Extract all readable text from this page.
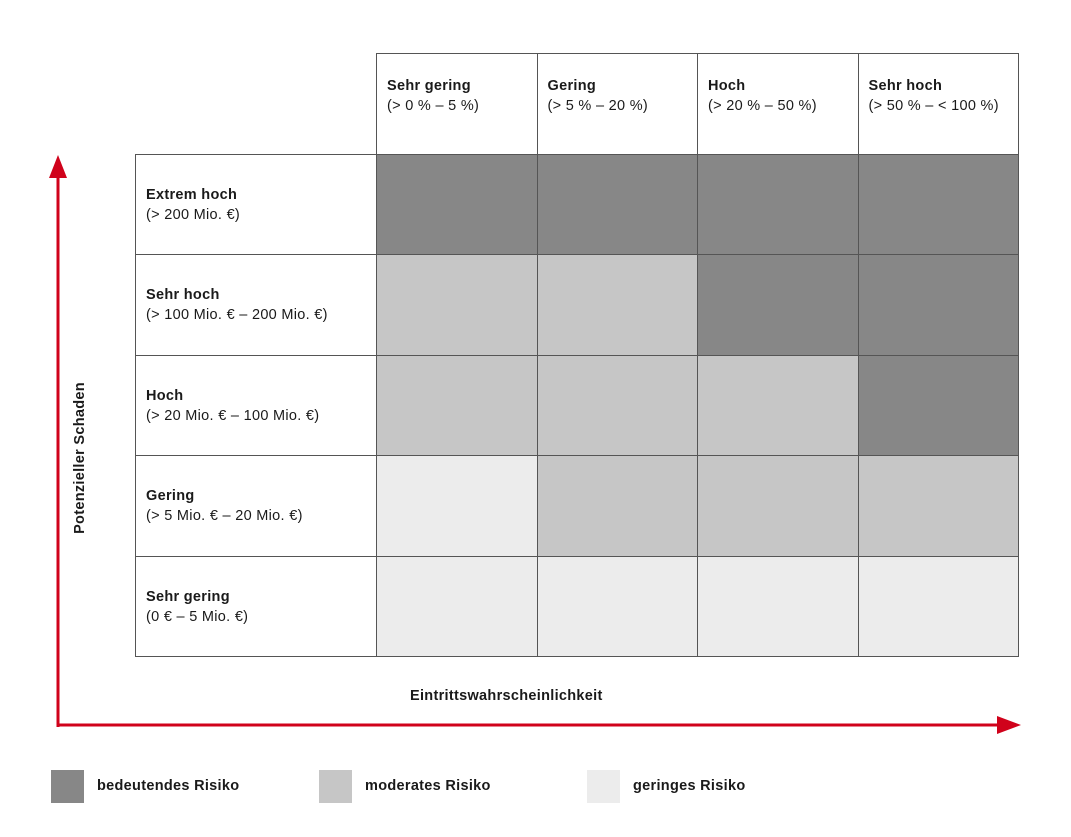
Sehr gering
(> 0 % – 5 %)
Gering
(> 5 % – 20 %)
Hoch
(> 20 % – 50 %)
Sehr hoch
(> 50 % – < 100 %)
Extrem hoch
(> 200 Mio. €)
Sehr hoch
(> 100 Mio. € – 200 Mio. €)
Hoch
(> 20 Mio. € – 100 Mio. €)
Gering
(> 5 Mio. € – 20 Mio. €)
Sehr gering
(0 € – 5 Mio. €)
Eintrittswahrscheinlichkeit
Potenzieller Schaden
bedeutendes Risiko	moderates Risiko	geringes Risiko
